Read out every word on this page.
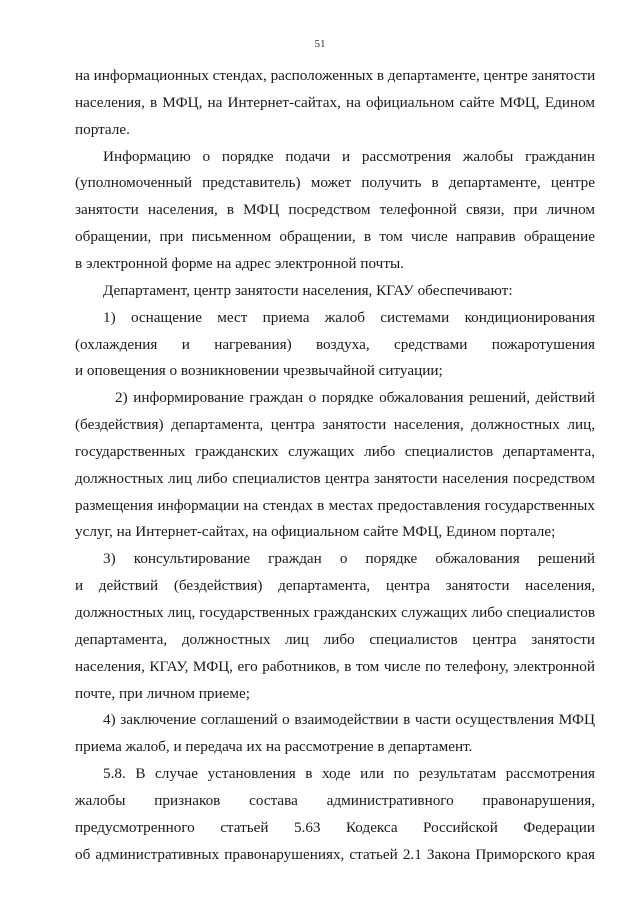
51
на информационных стендах, расположенных в департаменте, центре занятости
населения, в МФЦ, на Интернет-сайтах, на официальном сайте МФЦ, Едином
портале.
Информацию о порядке подачи и рассмотрения жалобы гражданин
(уполномоченный представитель) может получить в департаменте, центре
занятости населения, в МФЦ посредством телефонной связи, при личном
обращении, при письменном обращении, в том числе направив обращение
в электронной форме на адрес электронной почты.
Департамент, центр занятости населения, КГАУ обеспечивают:
1) оснащение мест приема жалоб системами кондиционирования
(охлаждения и нагревания) воздуха, средствами пожаротушения
и оповещения о возникновении чрезвычайной ситуации;
2) информирование граждан о порядке обжалования решений, действий
(бездействия) департамента, центра занятости населения, должностных лиц,
государственных гражданских служащих либо специалистов департамента,
должностных лиц либо специалистов центра занятости населения посредством
размещения информации на стендах в местах предоставления государственных
услуг, на Интернет-сайтах, на официальном сайте МФЦ, Едином портале;
3) консультирование граждан о порядке обжалования решений
и действий (бездействия) департамента, центра занятости населения,
должностных лиц, государственных гражданских служащих либо специалистов
департамента, должностных лиц либо специалистов центра занятости
населения, КГАУ, МФЦ, его работников, в том числе по телефону, электронной
почте, при личном приеме;
4) заключение соглашений о взаимодействии в части осуществления МФЦ
приема жалоб, и передача их на рассмотрение в департамент.
5.8. В случае установления в ходе или по результатам рассмотрения
жалобы признаков состава административного правонарушения,
предусмотренного статьей 5.63 Кодекса Российской Федерации
об административных правонарушениях, статьей 2.1 Закона Приморского края
